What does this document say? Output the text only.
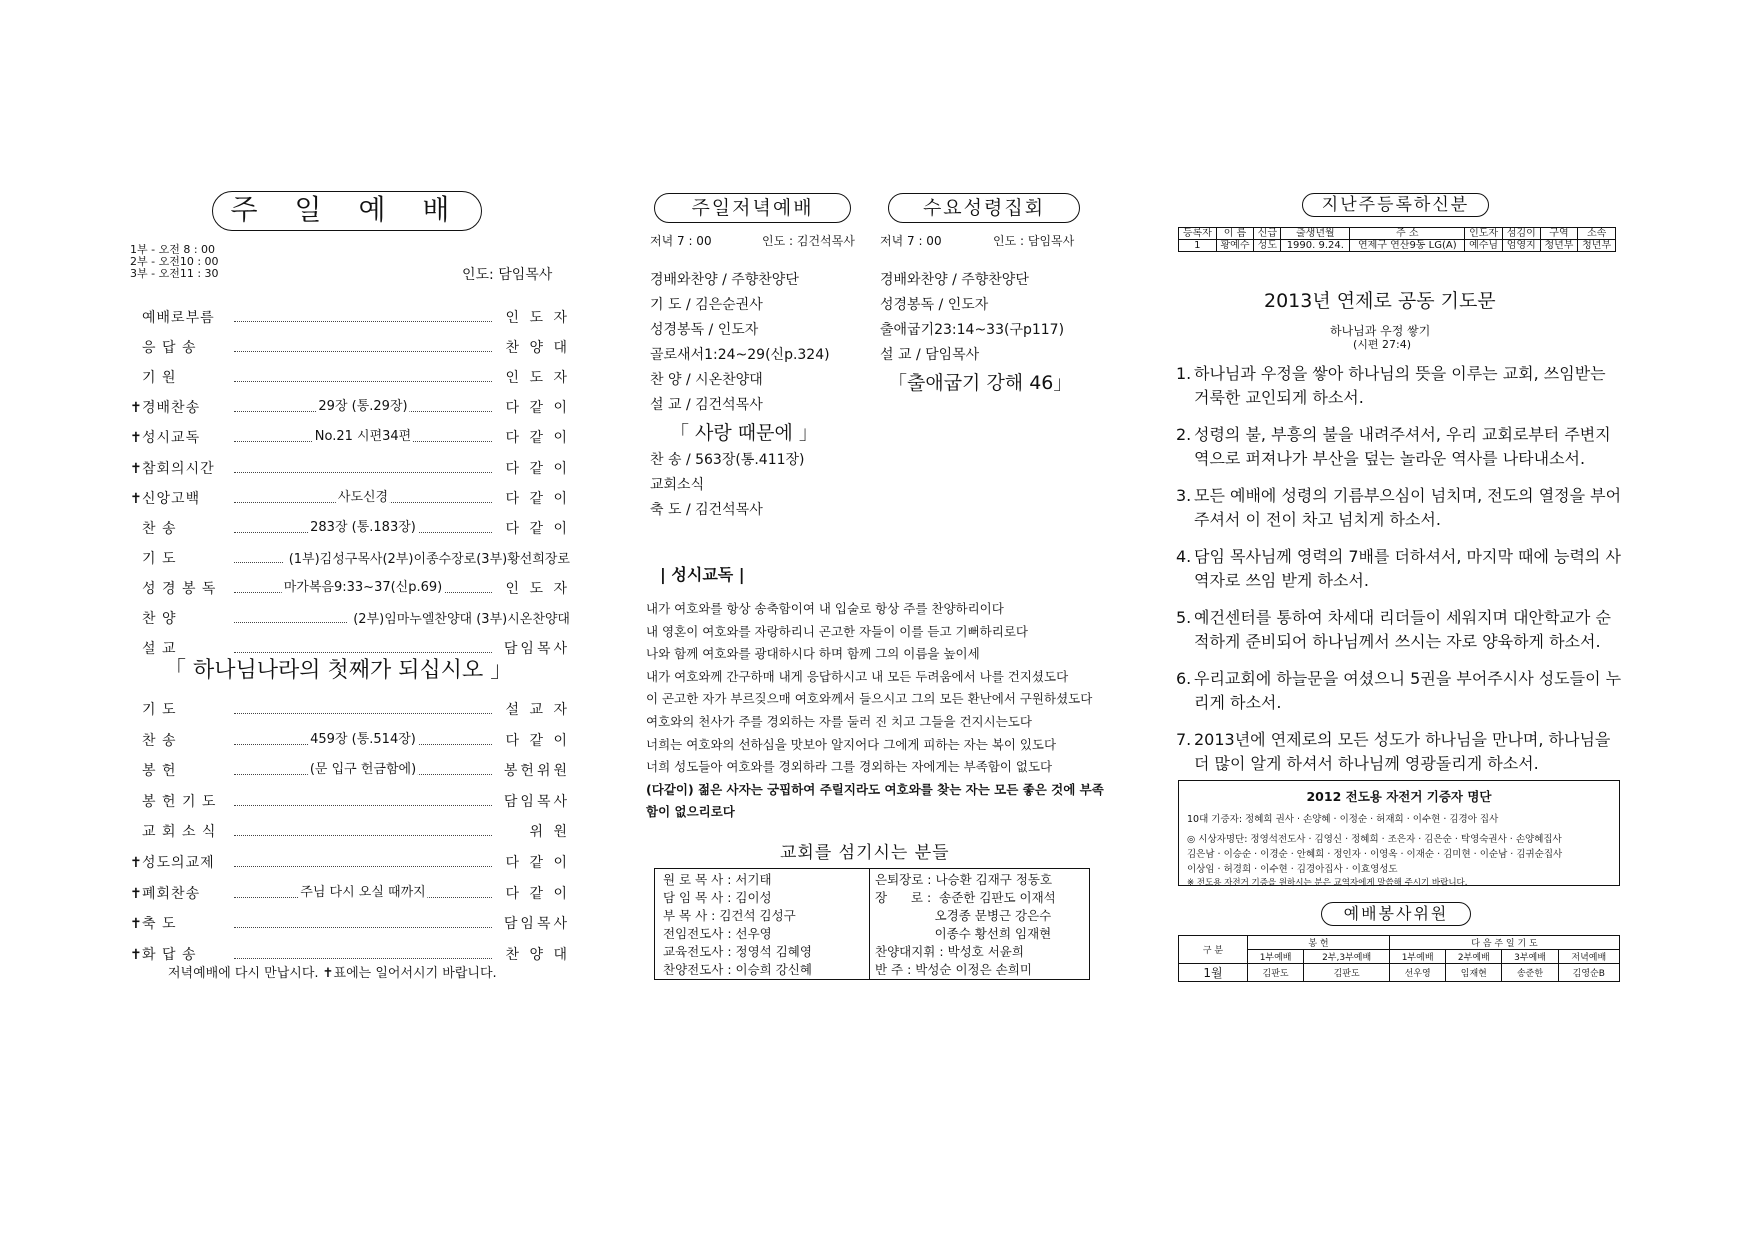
주 일 예 배
1부 - 오전 8 : 00
2부 - 오전10 : 00
3부 - 오전11 : 30	인도: 담임목사
예배로부름	인 도 자
응 답 송	찬 양 대
기 원	인 도 자
✝ 경배찬송	29장 (통.29장)	다 같 이
✝ 성시교독	No.21 시편34편	다 같 이
✝ 참회의시간	다 같 이
✝ 신앙고백	사도신경	다 같 이
찬 송	283장 (통.183장)	다 같 이
기 도	(1부)김성구목사(2부)이종수장로(3부)황선희장로
성 경 봉 독	마가복음9:33~37(신p.69)	인 도 자
찬 양	(2부)임마누엘찬양대 (3부)시온찬양대
설 교	담임목사
「 하나님나라의 첫째가 되십시오 」
기 도	설 교 자
찬 송	459장 (통.514장)	다 같 이
봉 헌	(문 입구 헌금함에)	봉헌위원
봉 헌 기 도	담임목사
교 회 소 식	위 원
✝ 성도의교제	다 같 이
✝ 폐회찬송	주님 다시 오실 때까지	다 같 이
✝ 축 도	담임목사
✝ 화 답 송	찬 양 대
저녁예배에 다시 만납시다. ✝표에는 일어서시기 바랍니다.
주일저녁예배	수요성령집회
저녁 7 : 00	인도 : 김건석목사 저녁 7 : 00	인도 : 담임목사
경배와찬양 / 주향찬양단
기 도 / 김은순권사
성경봉독 / 인도자
골로새서1:24~29(신p.324)
찬 양 / 시온찬양대
설 교 / 김건석목사
「 사랑 때문에 」
찬 송 / 563장(통.411장)
교회소식
축 도 / 김건석목사
경배와찬양 / 주향찬양단
성경봉독 / 인도자
출애굽기23:14~33(구p117)
설 교 / 담임목사
「출애굽기 강해 46」
| 성시교독 |
내가 여호와를 항상 송축함이여 내 입술로 항상 주를 찬양하리이다
내 영혼이 여호와를 자랑하리니 곤고한 자들이 이를 듣고 기뻐하리로다
나와 함께 여호와를 광대하시다 하며 함께 그의 이름을 높이세
내가 여호와께 간구하매 내게 응답하시고 내 모든 두려움에서 나를 건지셨도다
이 곤고한 자가 부르짖으매 여호와께서 들으시고 그의 모든 환난에서 구원하셨도다
여호와의 천사가 주를 경외하는 자를 둘러 진 치고 그들을 건지시는도다
너희는 여호와의 선하심을 맛보아 알지어다 그에게 피하는 자는 복이 있도다
너희 성도들아 여호와를 경외하라 그를 경외하는 자에게는 부족함이 없도다
(다같이) 젊은 사자는 궁핍하여 주릴지라도 여호와를 찾는 자는 모든 좋은 것에 부족
함이 없으리로다
교회를 섬기시는 분들
원 로 목 사 : 서기태
담 임 목 사 : 김이성
부 목 사 : 김건석 김성구
전임전도사 : 선우영
교육전도사 : 정영석 김혜영
찬양전도사 : 이승희 강신혜
은퇴장로 : 나승환 김재구 정동호
장      로 :  송준한 김판도 이재석
오경종 문병근 강은수
이종수 황선희 임재현
찬양대지휘 : 박성호 서윤희
반 주 : 박성순 이정은 손희미
지난주등록하신분
등록자	이 름	신급	출생년월	주 소	인도자	섬김이	구역	소속
1	황예수	성도	1990. 9.24.	연제구 연산9동 LG(A)	예수님	엄영지	청년부	청년부
2013년 연제로 공동 기도문
하나님과 우정 쌓기
(시편 27:4)
1. 하나님과 우정을 쌓아 하나님의 뜻을 이루는 교회, 쓰임받는 거룩한 교인되게 하소서.
2. 성령의 불, 부흥의 불을 내려주셔서, 우리 교회로부터 주변지역으로 퍼져나가 부산을 덮는 놀라운 역사를 나타내소서.
3. 모든 예배에 성령의 기름부으심이 넘치며, 전도의 열정을 부어주셔서 이 전이 차고 넘치게 하소서.
4. 담임 목사님께 영력의 7배를 더하셔서, 마지막 때에 능력의 사역자로 쓰임 받게 하소서.
5. 예건센터를 통하여 차세대 리더들이 세워지며 대안학교가 순적하게 준비되어 하나님께서 쓰시는 자로 양육하게 하소서.
6. 우리교회에 하늘문을 여셨으니 5권을 부어주시사 성도들이 누리게 하소서.
7. 2013년에 연제로의 모든 성도가 하나님을 만나며, 하나님을 더 많이 알게 하셔서 하나님께 영광돌리게 하소서.
2012 전도용 자전거 기증자 명단
10대 기증자: 정혜희 권사 · 손양혜 · 이정순 · 허재희 · 이수현 · 김경아 집사
◎ 시상자명단: 정영석전도사 · 김영신 · 정혜희 · 조은자 · 김은순 · 탁영숙권사 · 손양혜집사
김은남 · 이승순 · 이경순 · 안혜희 · 정인자 · 이영옥 · 이재순 · 김미현 · 이순남 · 김귀순집사
이상임 · 허경희 · 이수현 · 김경아집사 · 이효영성도
※ 전도용 자전거 기증을 원하시는 분은 교역자에게 말씀해 주시기 바랍니다.
예배봉사위원
구 분	봉 헌		다 음 주 일 기 도			
	1부예배	2부,3부예배	1부예배	2부예배	3부예배	저녁예배
1월	김판도	김판도	선우영	임재현	송준한	김영순B
